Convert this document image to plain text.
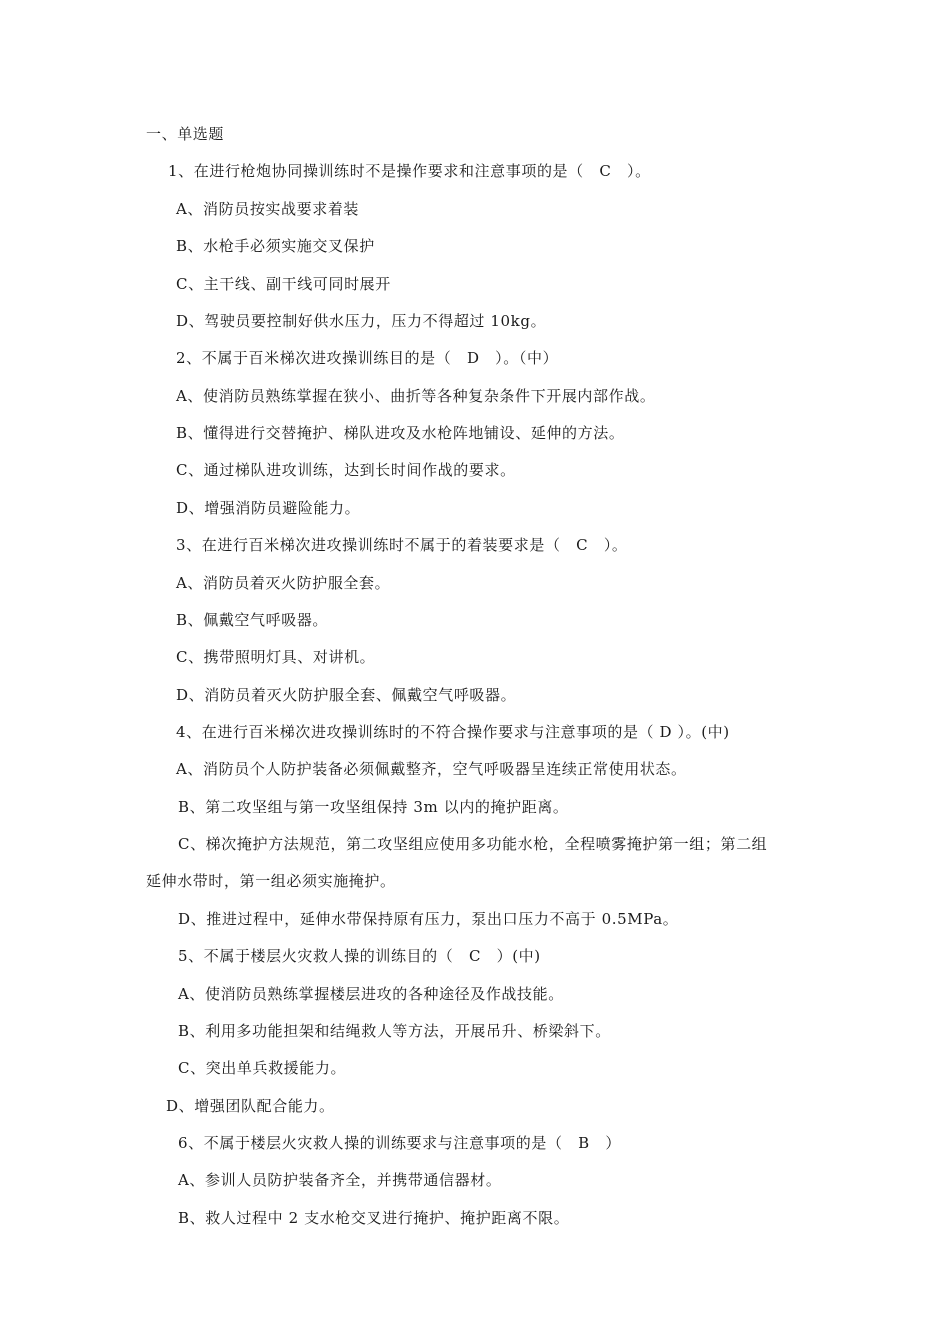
一、单选题
1、在进行枪炮协同操训练时不是操作要求和注意事项的是（　C　）。
A、消防员按实战要求着装
B、水枪手必须实施交叉保护
C、主干线、副干线可同时展开
D、驾驶员要控制好供水压力，压力不得超过 10kg。
2、不属于百米梯次进攻操训练目的是（　D　）。（中）
A、使消防员熟练掌握在狭小、曲折等各种复杂条件下开展内部作战。
B、懂得进行交替掩护、梯队进攻及水枪阵地铺设、延伸的方法。
C、通过梯队进攻训练，达到长时间作战的要求。
D、增强消防员避险能力。
3、在进行百米梯次进攻操训练时不属于的着装要求是（　C　）。
A、消防员着灭火防护服全套。
B、佩戴空气呼吸器。
C、携带照明灯具、对讲机。
D、消防员着灭火防护服全套、佩戴空气呼吸器。
4、在进行百米梯次进攻操训练时的不符合操作要求与注意事项的是（ D ）。(中)
A、消防员个人防护装备必须佩戴整齐，空气呼吸器呈连续正常使用状态。
B、第二攻坚组与第一攻坚组保持 3m 以内的掩护距离。
C、梯次掩护方法规范，第二攻坚组应使用多功能水枪，全程喷雾掩护第一组；第二组
延伸水带时，第一组必须实施掩护。
D、推进过程中，延伸水带保持原有压力，泵出口压力不高于 0.5MPa。
5、不属于楼层火灾救人操的训练目的（　C　）(中)
A、使消防员熟练掌握楼层进攻的各种途径及作战技能。
B、利用多功能担架和结绳救人等方法，开展吊升、桥梁斜下。
C、突出单兵救援能力。
D、增强团队配合能力。
6、不属于楼层火灾救人操的训练要求与注意事项的是（　B　）
A、参训人员防护装备齐全，并携带通信器材。
B、救人过程中 2 支水枪交叉进行掩护、掩护距离不限。
